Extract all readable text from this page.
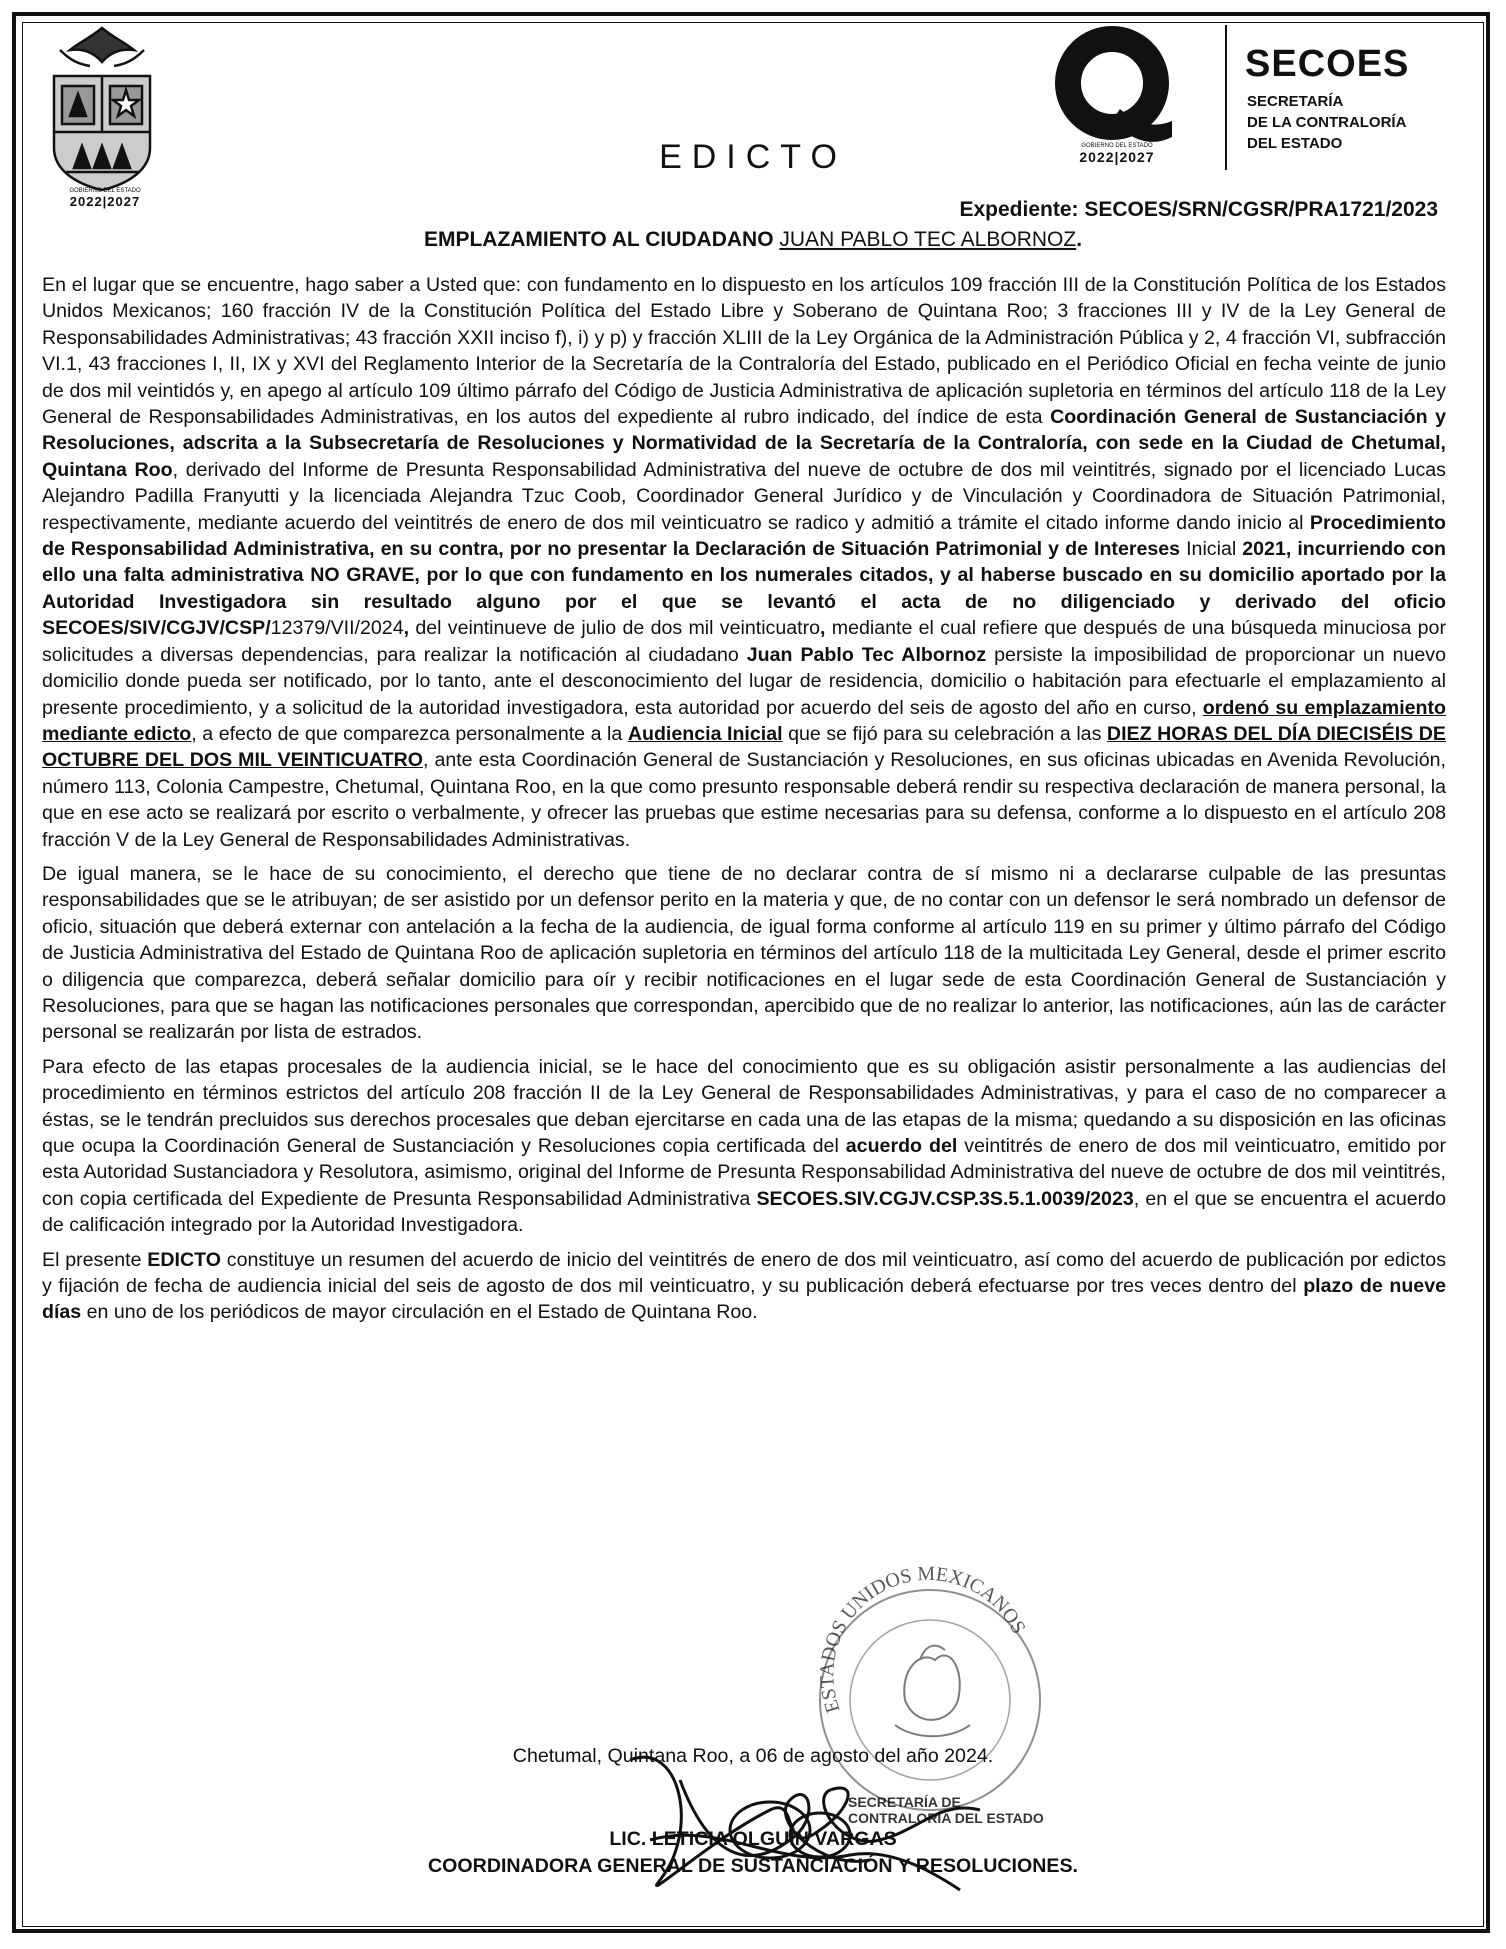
GOBIERNO DEL ESTADO
2022|2027
GOBIERNO DEL ESTADO
2022|2027
SECOES
SECRETARÍA
DE LA CONTRALORÍA
DEL ESTADO
EDICTO
Expediente: SECOES/SRN/CGSR/PRA1721/2023
EMPLAZAMIENTO AL CIUDADANO JUAN PABLO TEC ALBORNOZ.

En el lugar que se encuentre, hago saber a Usted que: con fundamento en lo dispuesto en los artículos 109 fracción III de la Constitución Política de los Estados Unidos Mexicanos; 160 fracción IV de la Constitución Política del Estado Libre y Soberano de Quintana Roo; 3 fracciones III y IV de la Ley General de Responsabilidades Administrativas; 43 fracción XXII inciso f), i) y p) y fracción XLIII de la Ley Orgánica de la Administración Pública y 2, 4 fracción VI, subfracción VI.1, 43 fracciones I, II, IX y XVI del Reglamento Interior de la Secretaría de la Contraloría del Estado, publicado en el Periódico Oficial en fecha veinte de junio de dos mil veintidós y, en apego al artículo 109 último párrafo del Código de Justicia Administrativa de aplicación supletoria en términos del artículo 118 de la Ley General de Responsabilidades Administrativas, en los autos del expediente al rubro indicado, del índice de esta Coordinación General de Sustanciación y Resoluciones, adscrita a la Subsecretaría de Resoluciones y Normatividad de la Secretaría de la Contraloría, con sede en la Ciudad de Chetumal, Quintana Roo, derivado del Informe de Presunta Responsabilidad Administrativa del nueve de octubre de dos mil veintitrés, signado por el licenciado Lucas Alejandro Padilla Franyutti y la licenciada Alejandra Tzuc Coob, Coordinador General Jurídico y de Vinculación y Coordinadora de Situación Patrimonial, respectivamente, mediante acuerdo del veintitrés de enero de dos mil veinticuatro se radico y admitió a trámite el citado informe dando inicio al Procedimiento de Responsabilidad Administrativa, en su contra, por no presentar la Declaración de Situación Patrimonial y de Intereses Inicial 2021, incurriendo con ello una falta administrativa NO GRAVE, por lo que con fundamento en los numerales citados, y al haberse buscado en su domicilio aportado por la Autoridad Investigadora sin resultado alguno por el que se levantó el acta de no diligenciado y derivado del oficio SECOES/SIV/CGJV/CSP/12379/VII/2024, del veintinueve de julio de dos mil veinticuatro, mediante el cual refiere que después de una búsqueda minuciosa por solicitudes a diversas dependencias, para realizar la notificación al ciudadano Juan Pablo Tec Albornoz persiste la imposibilidad de proporcionar un nuevo domicilio donde pueda ser notificado, por lo tanto, ante el desconocimiento del lugar de residencia, domicilio o habitación para efectuarle el emplazamiento al presente procedimiento, y a solicitud de la autoridad investigadora, esta autoridad por acuerdo del seis de agosto del año en curso, ordenó su emplazamiento mediante edicto, a efecto de que comparezca personalmente a la Audiencia Inicial que se fijó para su celebración a las DIEZ HORAS DEL DÍA DIECISÉIS DE OCTUBRE DEL DOS MIL VEINTICUATRO, ante esta Coordinación General de Sustanciación y Resoluciones, en sus oficinas ubicadas en Avenida Revolución, número 113, Colonia Campestre, Chetumal, Quintana Roo, en la que como presunto responsable deberá rendir su respectiva declaración de manera personal, la que en ese acto se realizará por escrito o verbalmente, y ofrecer las pruebas que estime necesarias para su defensa, conforme a lo dispuesto en el artículo 208 fracción V de la Ley General de Responsabilidades Administrativas.

De igual manera, se le hace de su conocimiento, el derecho que tiene de no declarar contra de sí mismo ni a declararse culpable de las presuntas responsabilidades que se le atribuyan; de ser asistido por un defensor perito en la materia y que, de no contar con un defensor le será nombrado un defensor de oficio, situación que deberá externar con antelación a la fecha de la audiencia, de igual forma conforme al artículo 119 en su primer y último párrafo del Código de Justicia Administrativa del Estado de Quintana Roo de aplicación supletoria en términos del artículo 118 de la multicitada Ley General, desde el primer escrito o diligencia que comparezca, deberá señalar domicilio para oír y recibir notificaciones en el lugar sede de esta Coordinación General de Sustanciación y Resoluciones, para que se hagan las notificaciones personales que correspondan, apercibido que de no realizar lo anterior, las notificaciones, aún las de carácter personal se realizarán por lista de estrados.

Para efecto de las etapas procesales de la audiencia inicial, se le hace del conocimiento que es su obligación asistir personalmente a las audiencias del procedimiento en términos estrictos del artículo 208 fracción II de la Ley General de Responsabilidades Administrativas, y para el caso de no comparecer a éstas, se le tendrán precluidos sus derechos procesales que deban ejercitarse en cada una de las etapas de la misma; quedando a su disposición en las oficinas que ocupa la Coordinación General de Sustanciación y Resoluciones copia certificada del acuerdo del veintitrés de enero de dos mil veinticuatro, emitido por esta Autoridad Sustanciadora y Resolutora, asimismo, original del Informe de Presunta Responsabilidad Administrativa del nueve de octubre de dos mil veintitrés, con copia certificada del Expediente de Presunta Responsabilidad Administrativa SECOES.SIV.CGJV.CSP.3S.5.1.0039/2023, en el que se encuentra el acuerdo de calificación integrado por la Autoridad Investigadora.

El presente EDICTO constituye un resumen del acuerdo de inicio del veintitrés de enero de dos mil veinticuatro, así como del acuerdo de publicación por edictos y fijación de fecha de audiencia inicial del seis de agosto de dos mil veinticuatro, y su publicación deberá efectuarse por tres veces dentro del plazo de nueve días en uno de los periódicos de mayor circulación en el Estado de Quintana Roo.

ESTADOS UNIDOS MEXICANOS
SECRETARÍA DE
CONTRALORÍA DEL ESTADO
Chetumal, Quintana Roo, a 06 de agosto del año 2024.
LIC. LETICIA OLGUÍN VARGAS
COORDINADORA GENERAL DE SUSTANCIACIÓN Y RESOLUCIONES.
